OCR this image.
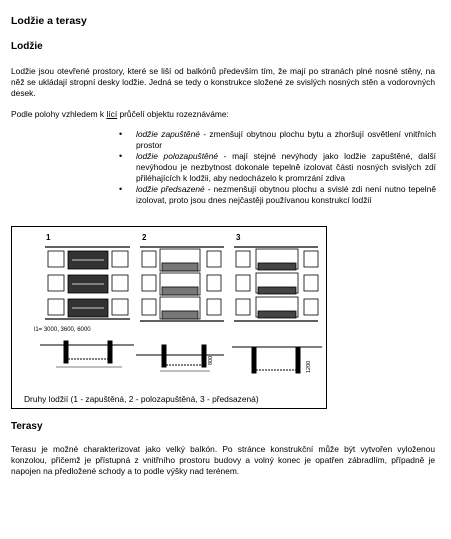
Lodžie a terasy
Lodžie
Lodžie jsou otevřené prostory, které se liší od balkónů především tím, že mají po stranách plné nosné stěny, na něž se ukládají stropní desky lodžie. Jedná se tedy o konstrukce složené ze svislých nosných stěn a vodorovných desek.
Podle polohy vzhledem k lící průčelí objektu rozeznáváme:
• lodžie zapuštěné - zmenšují obytnou plochu bytu a zhoršují osvětlení vnitřních prostor
• lodžie polozapuštěné - mají stejné nevýhody jako lodžie zapuštěné, další nevýhodou je nezbytnost dokonale tepelně izolovat části nosných svislých zdí přiléhajících k lodžii, aby nedocházelo k promrzání zdiva
• lodžie předsazené - nezmenšují obytnou plochu a svislé zdi není nutno tepelně izolovat, proto jsou dnes nejčastěji používanou konstrukcí lodžií
1	2	3
l1= 3000, 3600, 6000
800
1200
Druhy lodžií (1 - zapuštěná, 2 - polozapuštěná, 3 - předsazená)
Terasy
Terasu je možné charakterizovat jako velký balkón. Po stránce konstrukční může být vytvořen vyloženou konzolou, přičemž je přístupná z vnitřního prostoru budovy a volný konec je opatřen zábradlím, případně je napojen na předložené schody a to podle výšky nad terénem.
